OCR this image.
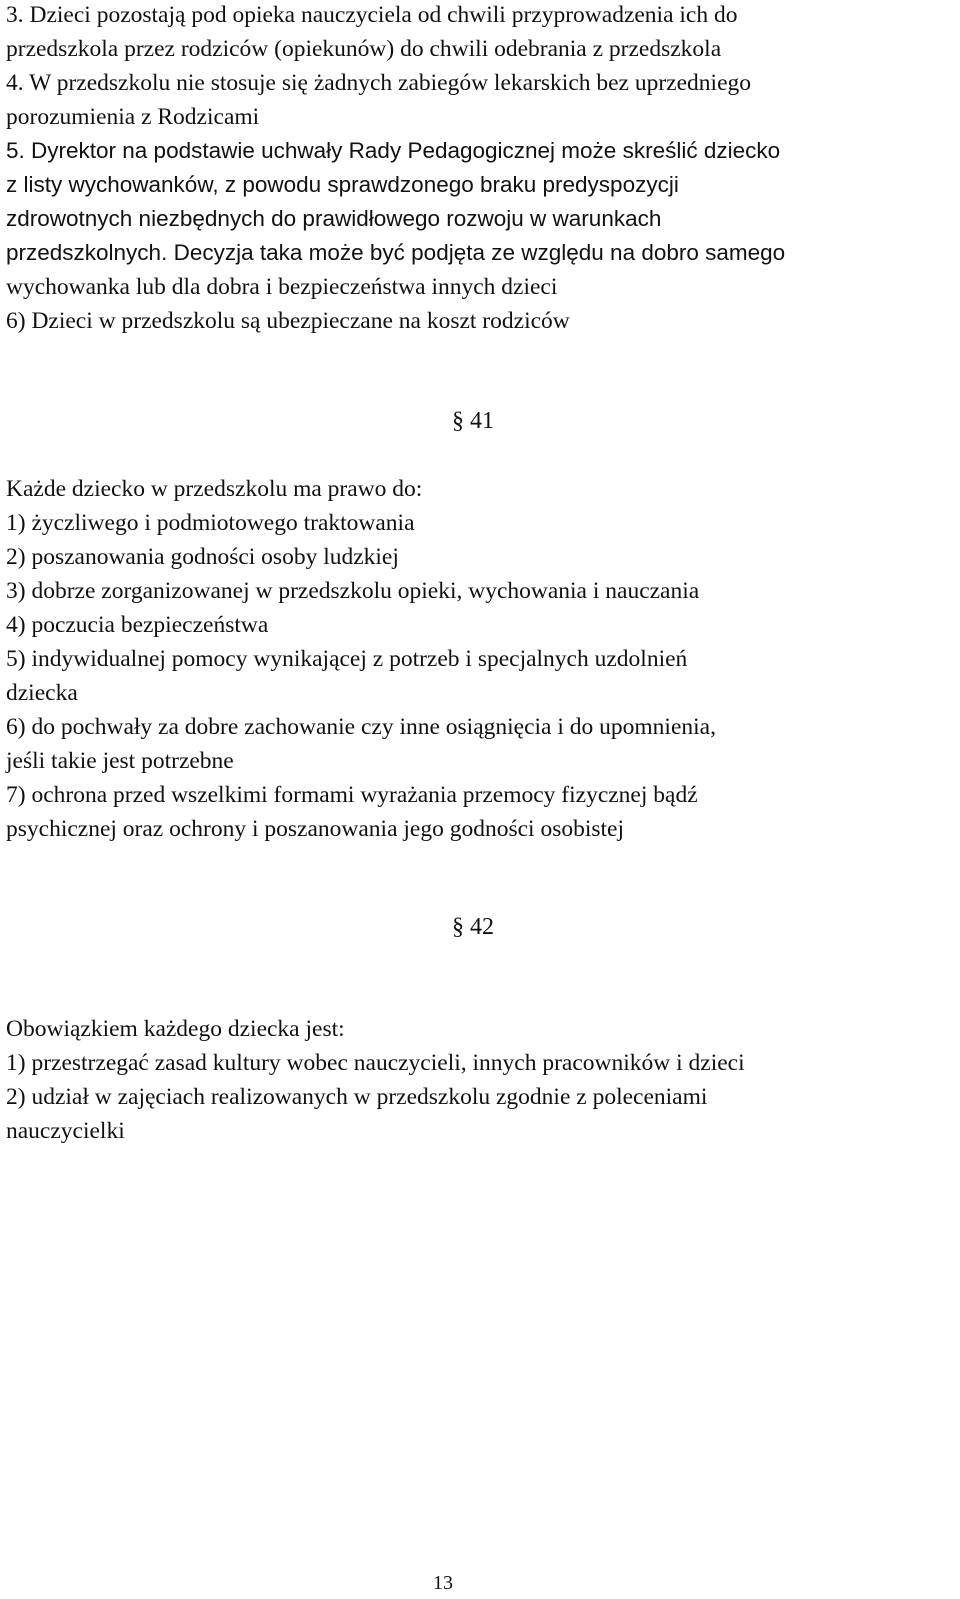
3. Dzieci pozostają pod opieka nauczyciela od chwili przyprowadzenia ich do
przedszkola przez rodziców (opiekunów) do chwili odebrania z przedszkola
4. W przedszkolu nie stosuje się żadnych zabiegów lekarskich bez uprzedniego
porozumienia z Rodzicami
5. Dyrektor na podstawie uchwały Rady Pedagogicznej może skreślić dziecko
z listy wychowanków, z powodu sprawdzonego braku predyspozycji
zdrowotnych niezbędnych do prawidłowego rozwoju w warunkach
przedszkolnych. Decyzja taka może być podjęta ze względu na dobro samego
wychowanka lub dla dobra i bezpieczeństwa innych dzieci
6) Dzieci w przedszkolu są ubezpieczane na koszt rodziców
§ 41
Każde dziecko w przedszkolu ma prawo do:
1) życzliwego i podmiotowego traktowania
2) poszanowania godności osoby ludzkiej
3) dobrze zorganizowanej w przedszkolu opieki, wychowania i nauczania
4) poczucia bezpieczeństwa
5) indywidualnej pomocy wynikającej z potrzeb i specjalnych uzdolnień
dziecka
6) do pochwały za dobre zachowanie czy inne osiągnięcia i do upomnienia,
jeśli takie jest potrzebne
7) ochrona przed wszelkimi formami wyrażania przemocy fizycznej bądź
psychicznej oraz ochrony i poszanowania jego godności osobistej
§ 42
Obowiązkiem każdego dziecka jest:
1) przestrzegać zasad kultury wobec nauczycieli, innych pracowników i dzieci
2) udział w zajęciach realizowanych w przedszkolu zgodnie z poleceniami
nauczycielki
13
